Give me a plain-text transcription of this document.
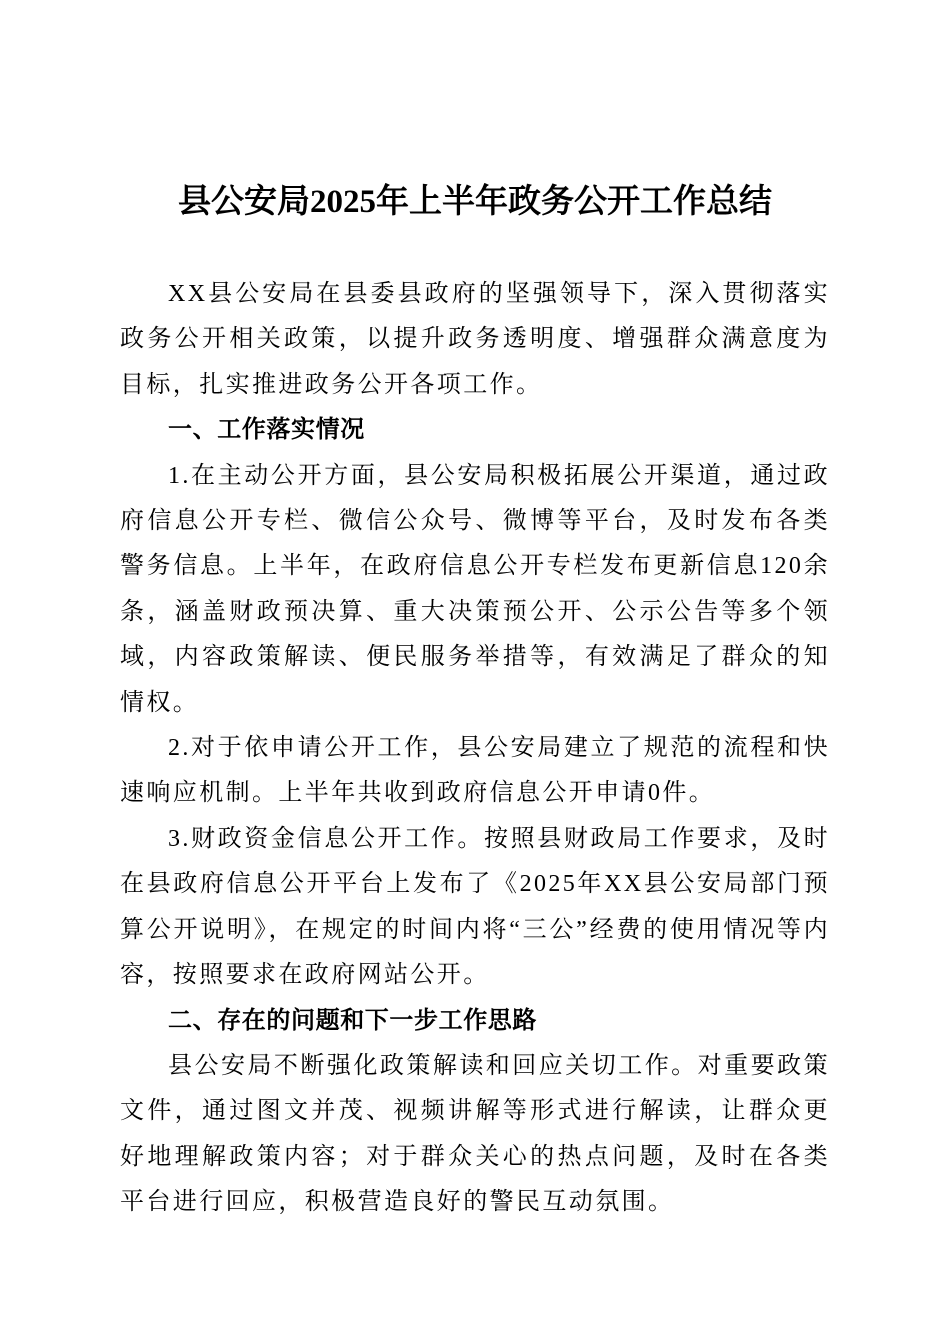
县公安局2025年上半年政务公开工作总结

XX县公安局在县委县政府的坚强领导下，深入贯彻落实政务公开相关政策，以提升政务透明度、增强群众满意度为目标，扎实推进政务公开各项工作。

一、工作落实情况

1.在主动公开方面，县公安局积极拓展公开渠道，通过政府信息公开专栏、微信公众号、微博等平台，及时发布各类警务信息。上半年，在政府信息公开专栏发布更新信息120余条，涵盖财政预决算、重大决策预公开、公示公告等多个领域，内容政策解读、便民服务举措等，有效满足了群众的知情权。

2.对于依申请公开工作，县公安局建立了规范的流程和快速响应机制。上半年共收到政府信息公开申请0件。

3.财政资金信息公开工作。按照县财政局工作要求，及时在县政府信息公开平台上发布了《2025年XX县公安局部门预算公开说明》，在规定的时间内将“三公”经费的使用情况等内容，按照要求在政府网站公开。

二、存在的问题和下一步工作思路

县公安局不断强化政策解读和回应关切工作。对重要政策文件，通过图文并茂、视频讲解等形式进行解读，让群众更好地理解政策内容；对于群众关心的热点问题，及时在各类平台进行回应，积极营造良好的警民互动氛围。
